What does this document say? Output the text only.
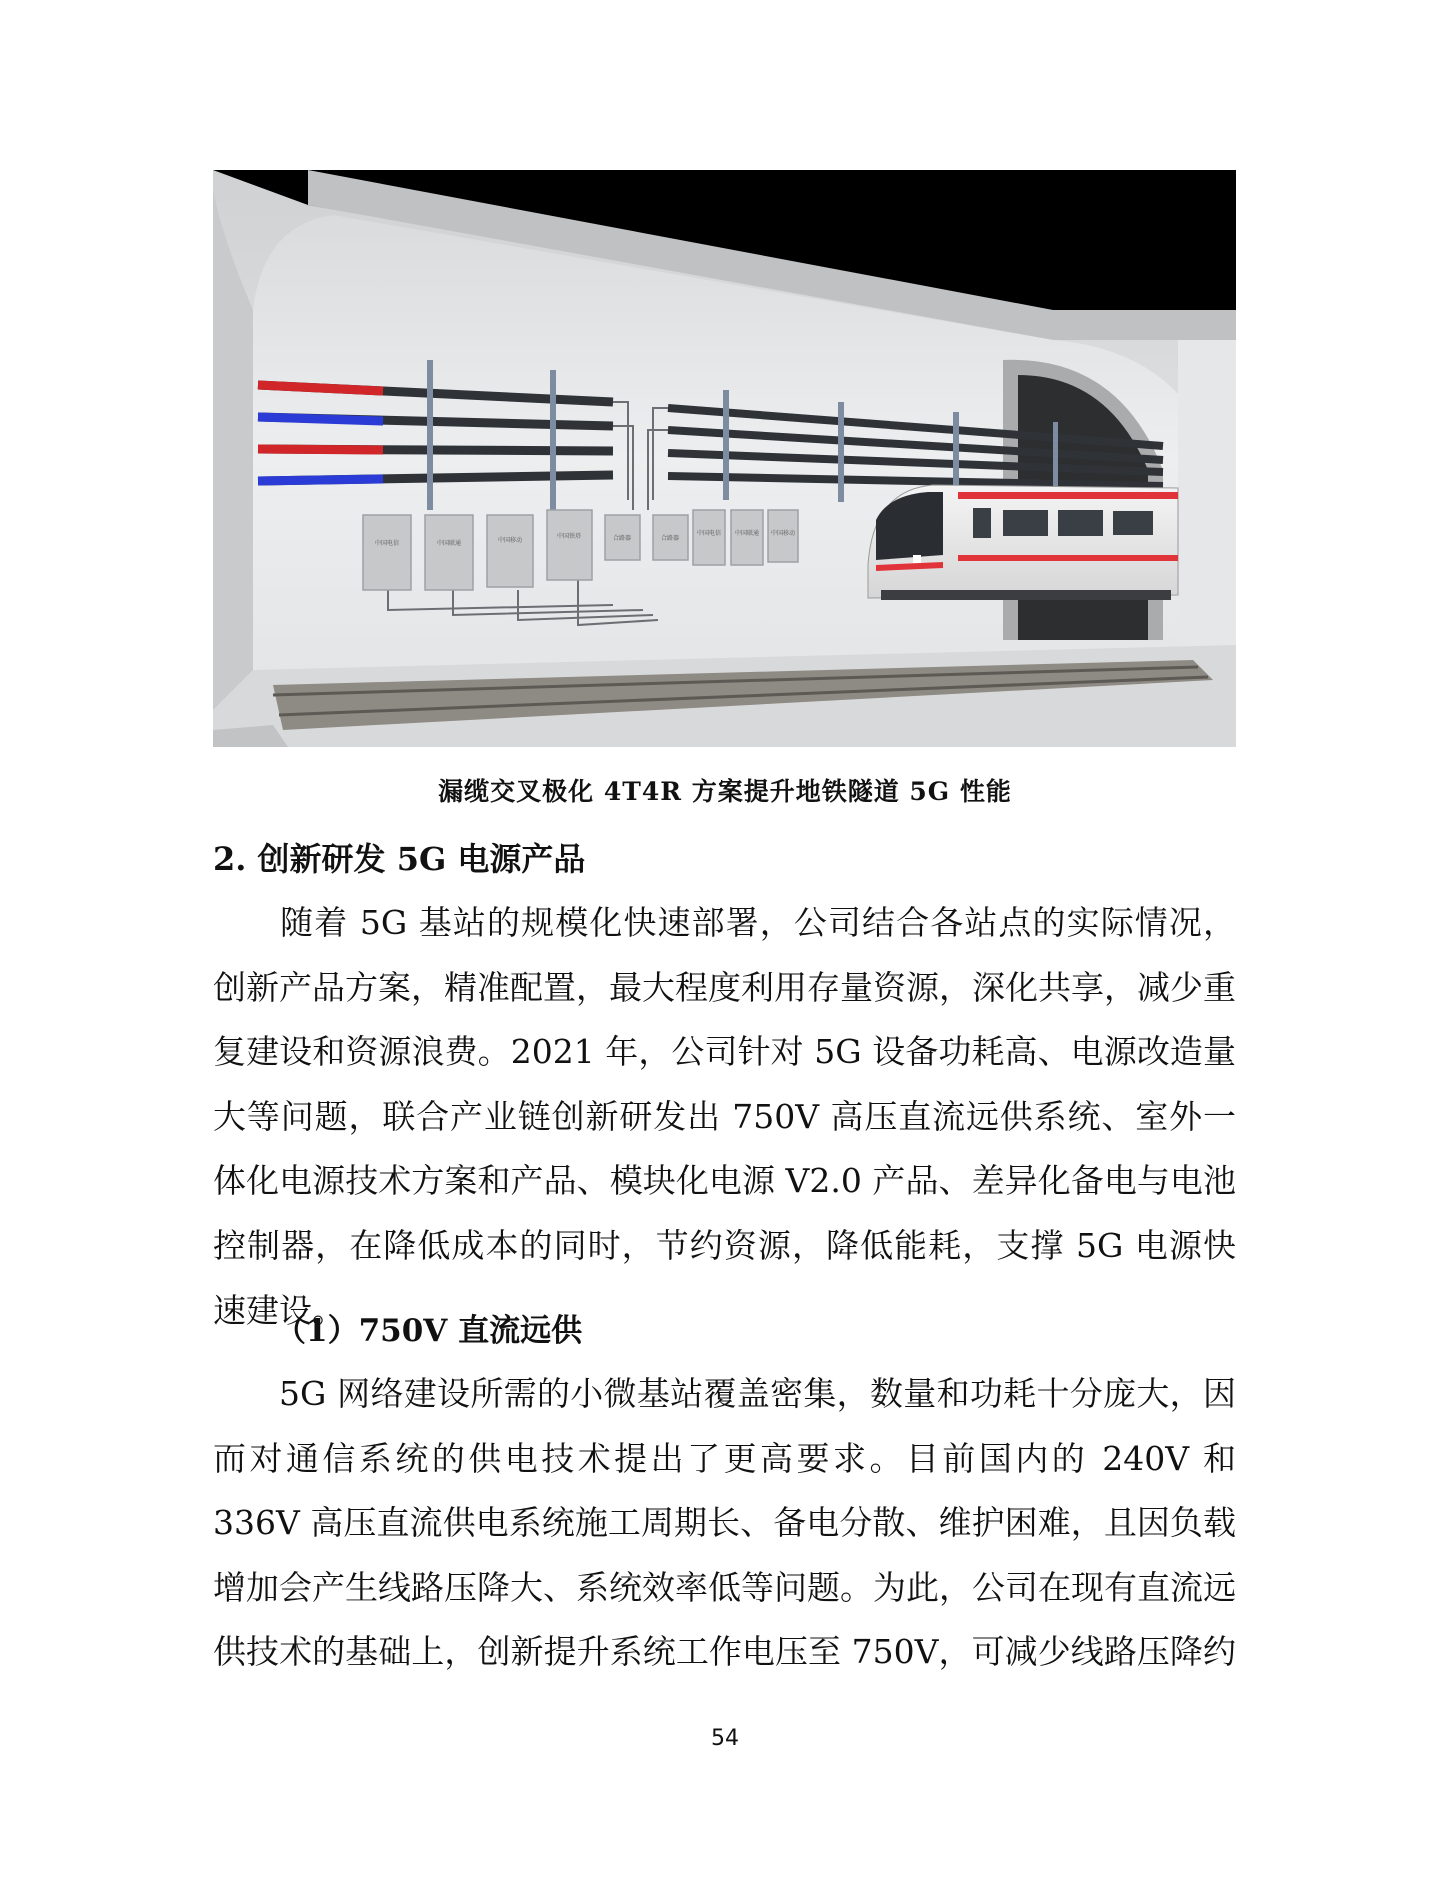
中国电信	中国联通	中国移动
中国铁塔	合路器	合路器
中国电信 中国联通 中国移动
漏缆交叉极化 4T4R 方案提升地铁隧道 5G 性能
2. 创新研发 5G 电源产品

随着 5G 基站的规模化快速部署，公司结合各站点的实际情况，创新产品方案，精准配置，最大程度利用存量资源，深化共享，减少重复建设和资源浪费。2021 年，公司针对 5G 设备功耗高、电源改造量大等问题，联合产业链创新研发出 750V 高压直流远供系统、室外一体化电源技术方案和产品、模块化电源 V2.0 产品、差异化备电与电池控制器，在降低成本的同时，节约资源，降低能耗，支撑 5G 电源快速建设。

（1）750V 直流远供

5G 网络建设所需的小微基站覆盖密集，数量和功耗十分庞大，因而对通信系统的供电技术提出了更高要求。目前国内的 240V 和 336V 高压直流供电系统施工周期长、备电分散、维护困难，且因负载增加会产生线路压降大、系统效率低等问题。为此，公司在现有直流远供技术的基础上，创新提升系统工作电压至 750V，可减少线路压降约

54
